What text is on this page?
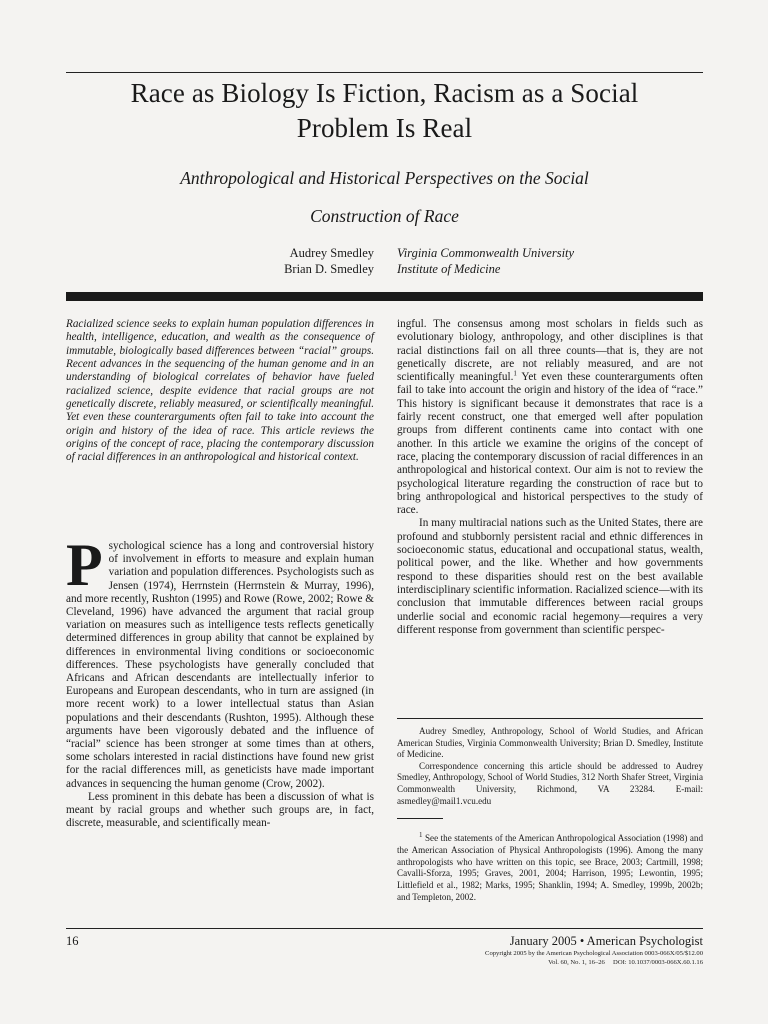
Race as Biology Is Fiction, Racism as a Social
Problem Is Real
Anthropological and Historical Perspectives on the Social
Construction of Race
Audrey Smedley
Brian D. Smedley
Virginia Commonwealth University
Institute of Medicine
Racialized science seeks to explain human population differences in health, intelligence, education, and wealth as the consequence of immutable, biologically based differences between “racial” groups. Recent advances in the sequencing of the human genome and in an understanding of biological correlates of behavior have fueled racialized science, despite evidence that racial groups are not genetically discrete, reliably measured, or scientifically meaningful. Yet even these counterarguments often fail to take into account the origin and history of the idea of race. This article reviews the origins of the concept of race, placing the contemporary discussion of racial differences in an anthropological and historical context.

Psychological science has a long and controversial history of involvement in efforts to measure and explain human variation and population differences. Psychologists such as Jensen (1974), Herrnstein (Herrnstein & Murray, 1996), and more recently, Rushton (1995) and Rowe (Rowe, 2002; Rowe & Cleveland, 1996) have advanced the argument that racial group variation on measures such as intelligence tests reflects genetically determined differences in group ability that cannot be explained by differences in environmental living conditions or socioeconomic differences. These psychologists have generally concluded that Africans and African descendants are intellectually inferior to Europeans and European descendants, who in turn are assigned (in more recent work) to a lower intellectual status than Asian populations and their descendants (Rushton, 1995). Although these arguments have been vigorously debated and the influence of “racial” science has been stronger at some times than at others, some scholars interested in racial distinctions have found new grist for the racial differences mill, as geneticists have made important advances in sequencing the human genome (Crow, 2002).

Less prominent in this debate has been a discussion of what is meant by racial groups and whether such groups are, in fact, discrete, measurable, and scientifically mean-

ingful. The consensus among most scholars in fields such as evolutionary biology, anthropology, and other disciplines is that racial distinctions fail on all three counts—that is, they are not genetically discrete, are not reliably measured, and are not scientifically meaningful.$^1$ Yet even these counterarguments often fail to take into account the origin and history of the idea of “race.” This history is significant because it demonstrates that race is a fairly recent construct, one that emerged well after population groups from different continents came into contact with one another. In this article we examine the origins of the concept of race, placing the contemporary discussion of racial differences in an anthropological and historical context. Our aim is not to review the psychological literature regarding the construction of race but to bring anthropological and historical perspectives to the study of race.

In many multiracial nations such as the United States, there are profound and stubbornly persistent racial and ethnic differences in socioeconomic status, educational and occupational status, wealth, political power, and the like. Whether and how governments respond to these disparities should rest on the best available interdisciplinary scientific information. Racialized science—with its conclusion that immutable differences between racial groups underlie social and economic racial hegemony—requires a very different response from government than scientific perspec-

Audrey Smedley, Anthropology, School of World Studies, and African American Studies, Virginia Commonwealth University; Brian D. Smedley, Institute of Medicine.

Correspondence concerning this article should be addressed to Audrey Smedley, Anthropology, School of World Studies, 312 North Shafer Street, Virginia Commonwealth University, Richmond, VA 23284. E-mail: asmedley@mail1.vcu.edu

$^1$ See the statements of the American Anthropological Association (1998) and the American Association of Physical Anthropologists (1996). Among the many anthropologists who have written on this topic, see Brace, 2003; Cartmill, 1998; Cavalli-Sforza, 1995; Graves, 2001, 2004; Harrison, 1995; Lewontin, 1995; Littlefield et al., 1982; Marks, 1995; Shanklin, 1994; A. Smedley, 1999b, 2002b; and Templeton, 2002.

16	January 2005 • American Psychologist
Copyright 2005 by the American Psychological Association 0003-066X/05/$12.00
Vol. 60, No. 1, 16–26     DOI: 10.1037/0003-066X.60.1.16
